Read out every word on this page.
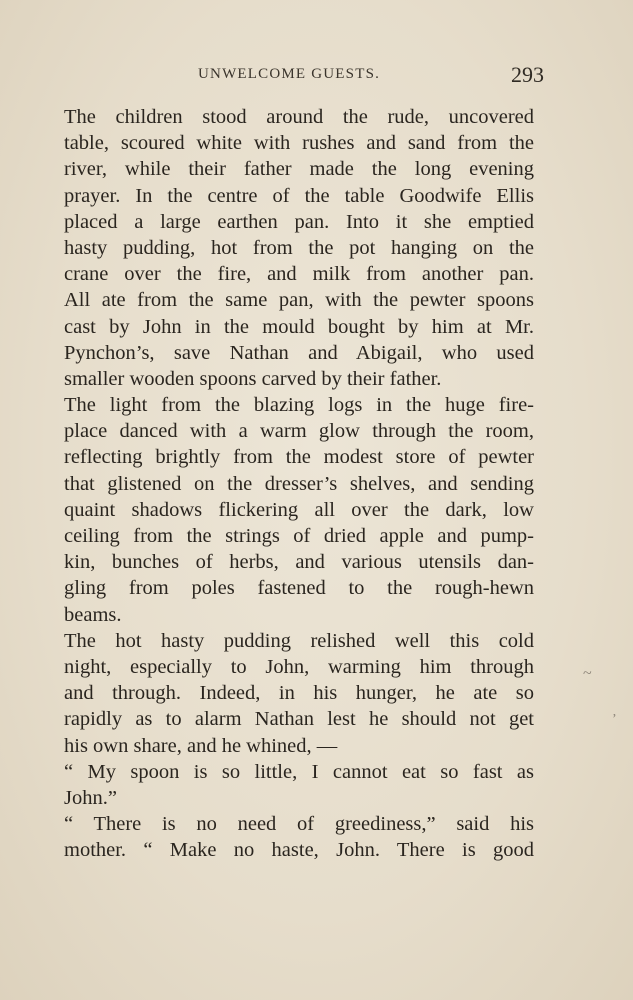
UNWELCOME GUESTS.	293
The children stood around the rude, uncovered
table, scoured white with rushes and sand from the
river, while their father made the long evening
prayer. In the centre of the table Goodwife Ellis
placed a large earthen pan. Into it she emptied
hasty pudding, hot from the pot hanging on the
crane over the fire, and milk from another pan.
All ate from the same pan, with the pewter spoons
cast by John in the mould bought by him at Mr.
Pynchon’s, save Nathan and Abigail, who used
smaller wooden spoons carved by their father.
The light from the blazing logs in the huge fire-
place danced with a warm glow through the room,
reflecting brightly from the modest store of pewter
that glistened on the dresser’s shelves, and sending
quaint shadows flickering all over the dark, low
ceiling from the strings of dried apple and pump-
kin, bunches of herbs, and various utensils dan-
gling from poles fastened to the rough-hewn
beams.
The hot hasty pudding relished well this cold
night, especially to John, warming him through
and through. Indeed, in his hunger, he ate so
rapidly as to alarm Nathan lest he should not get
his own share, and he whined, —
“ My spoon is so little, I cannot eat so fast as
John.”
“ There is no need of greediness,” said his
mother. “ Make no haste, John. There is good
~
’
